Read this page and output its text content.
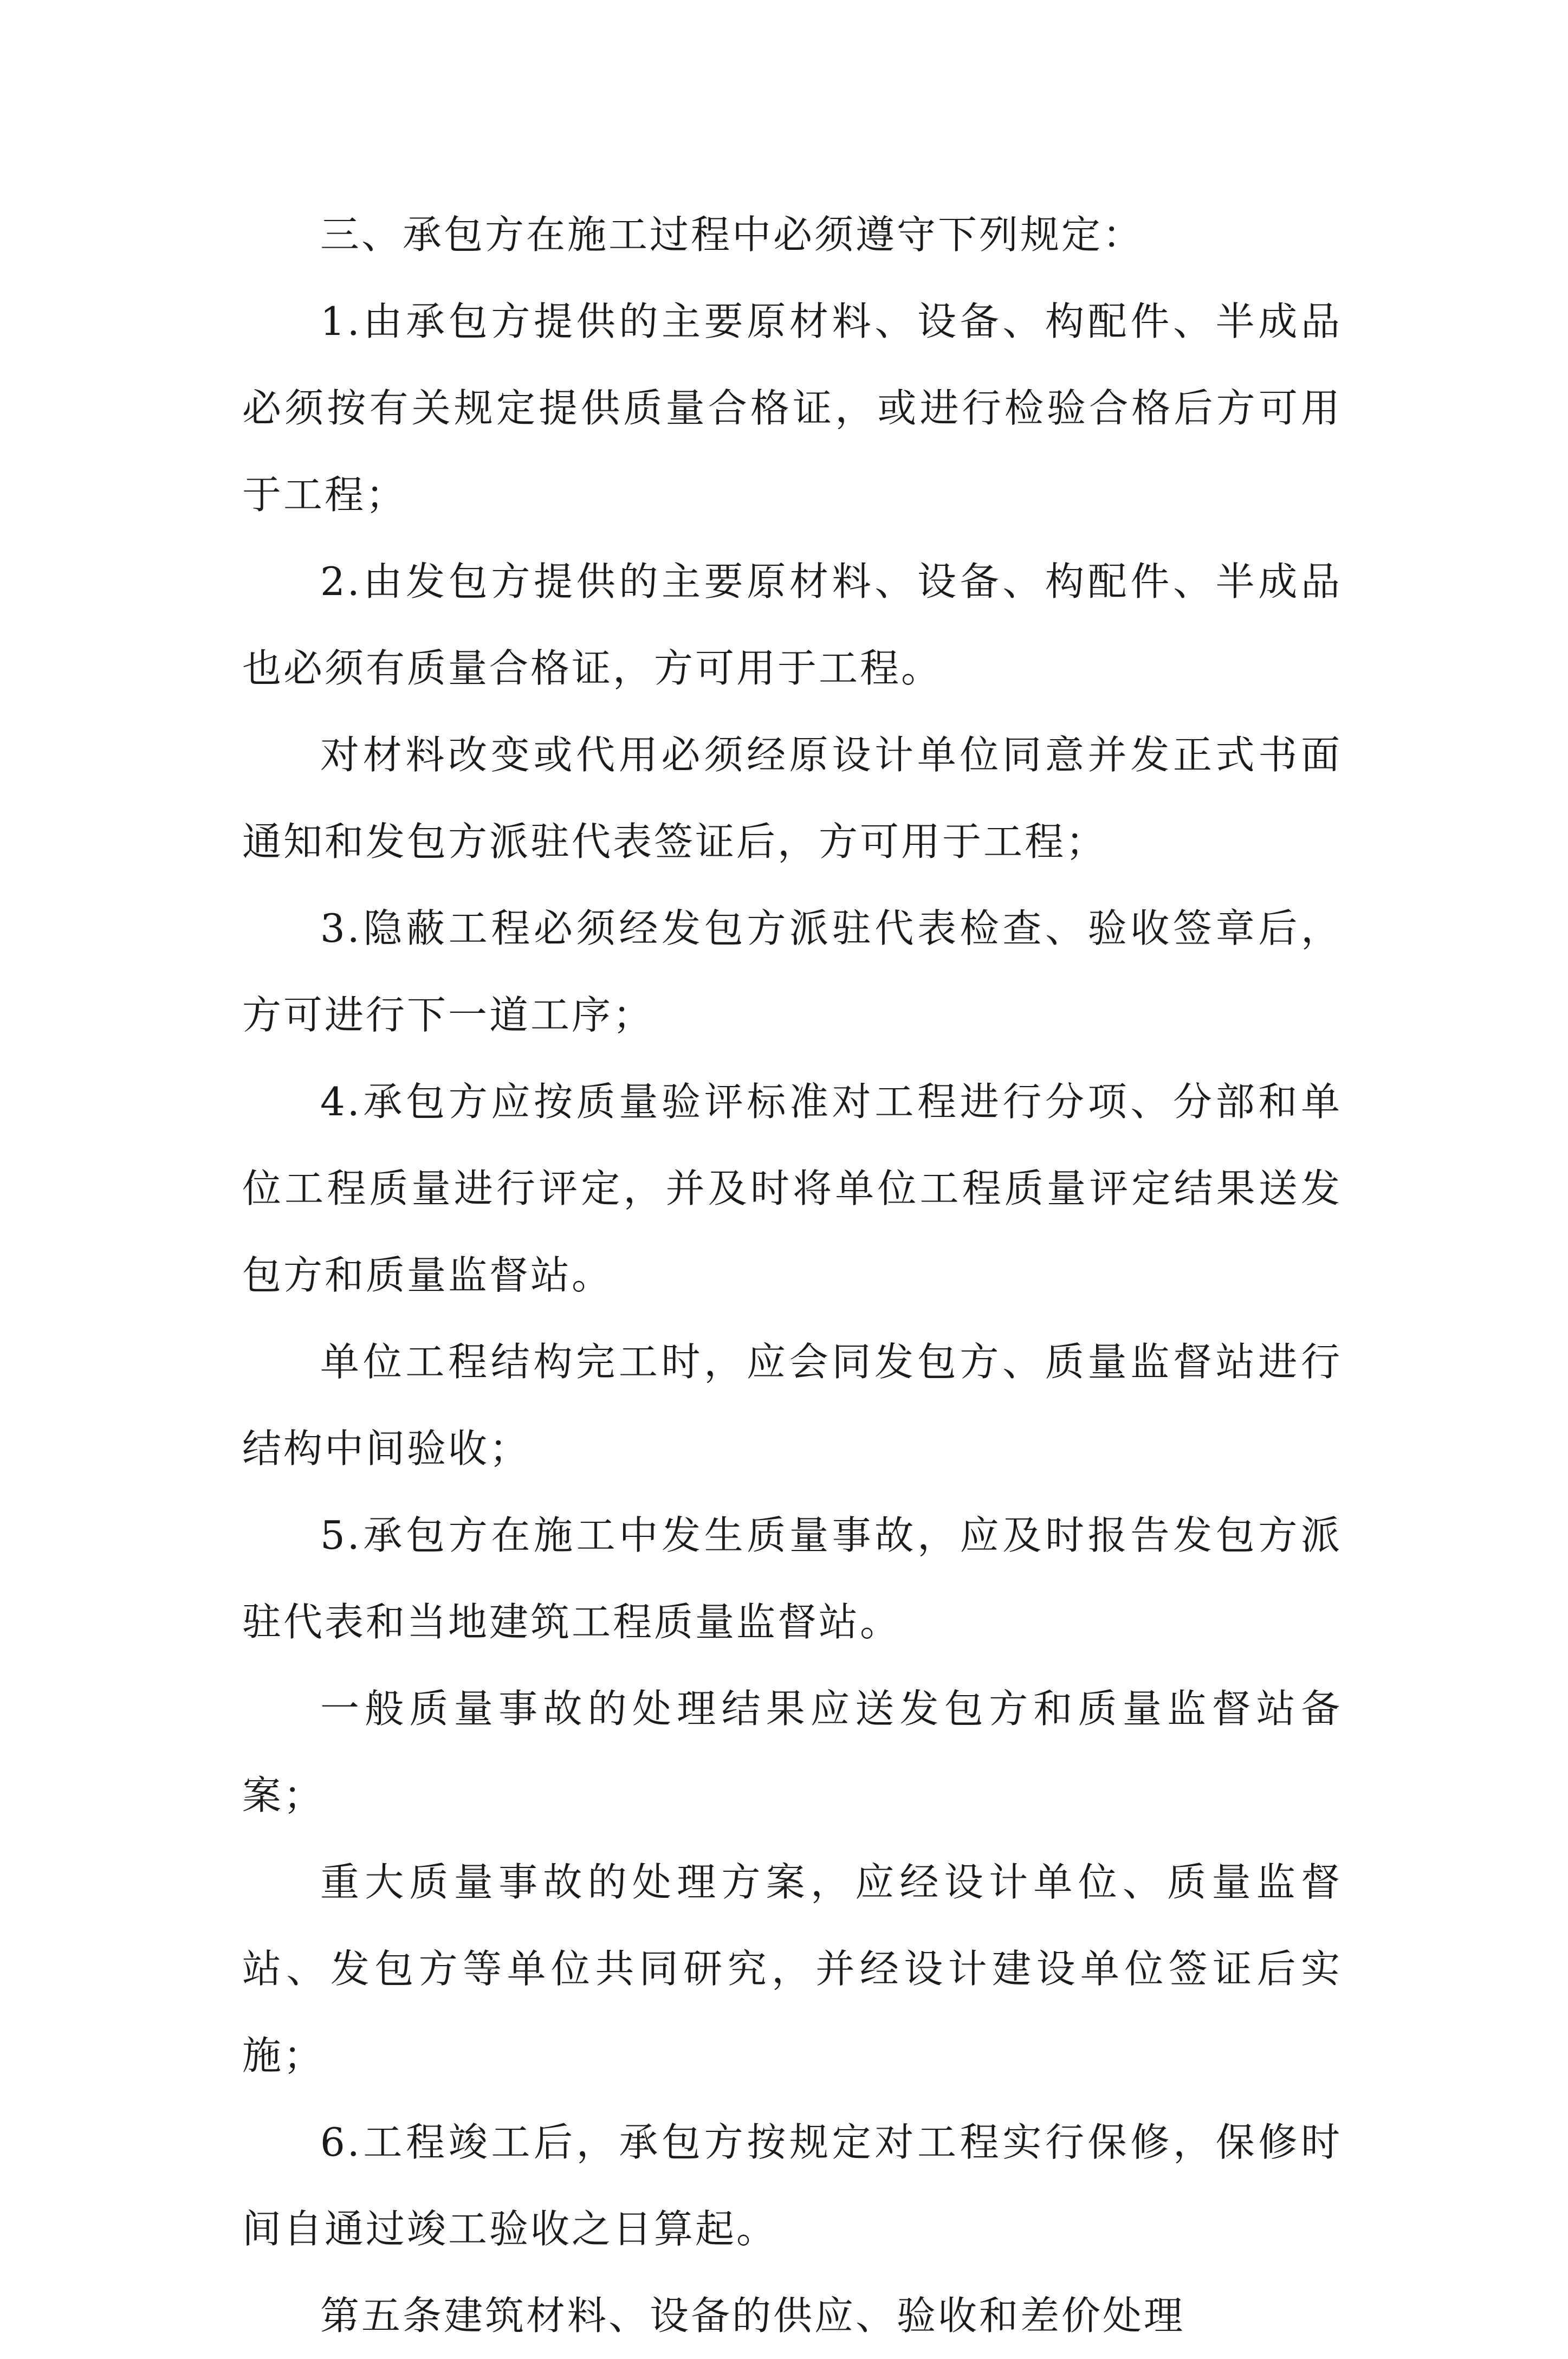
三、承包方在施工过程中必须遵守下列规定：

1.由承包方提供的主要原材料、设备、构配件、半成品必须按有关规定提供质量合格证，或进行检验合格后方可用于工程；

2.由发包方提供的主要原材料、设备、构配件、半成品也必须有质量合格证，方可用于工程。

对材料改变或代用必须经原设计单位同意并发正式书面通知和发包方派驻代表签证后，方可用于工程；

3.隐蔽工程必须经发包方派驻代表检查、验收签章后，方可进行下一道工序；

4.承包方应按质量验评标准对工程进行分项、分部和单位工程质量进行评定，并及时将单位工程质量评定结果送发包方和质量监督站。

单位工程结构完工时，应会同发包方、质量监督站进行结构中间验收；

5.承包方在施工中发生质量事故，应及时报告发包方派驻代表和当地建筑工程质量监督站。

一般质量事故的处理结果应送发包方和质量监督站备案；

重大质量事故的处理方案，应经设计单位、质量监督站、发包方等单位共同研究，并经设计建设单位签证后实施；

6.工程竣工后，承包方按规定对工程实行保修，保修时间自通过竣工验收之日算起。

第五条建筑材料、设备的供应、验收和差价处理
